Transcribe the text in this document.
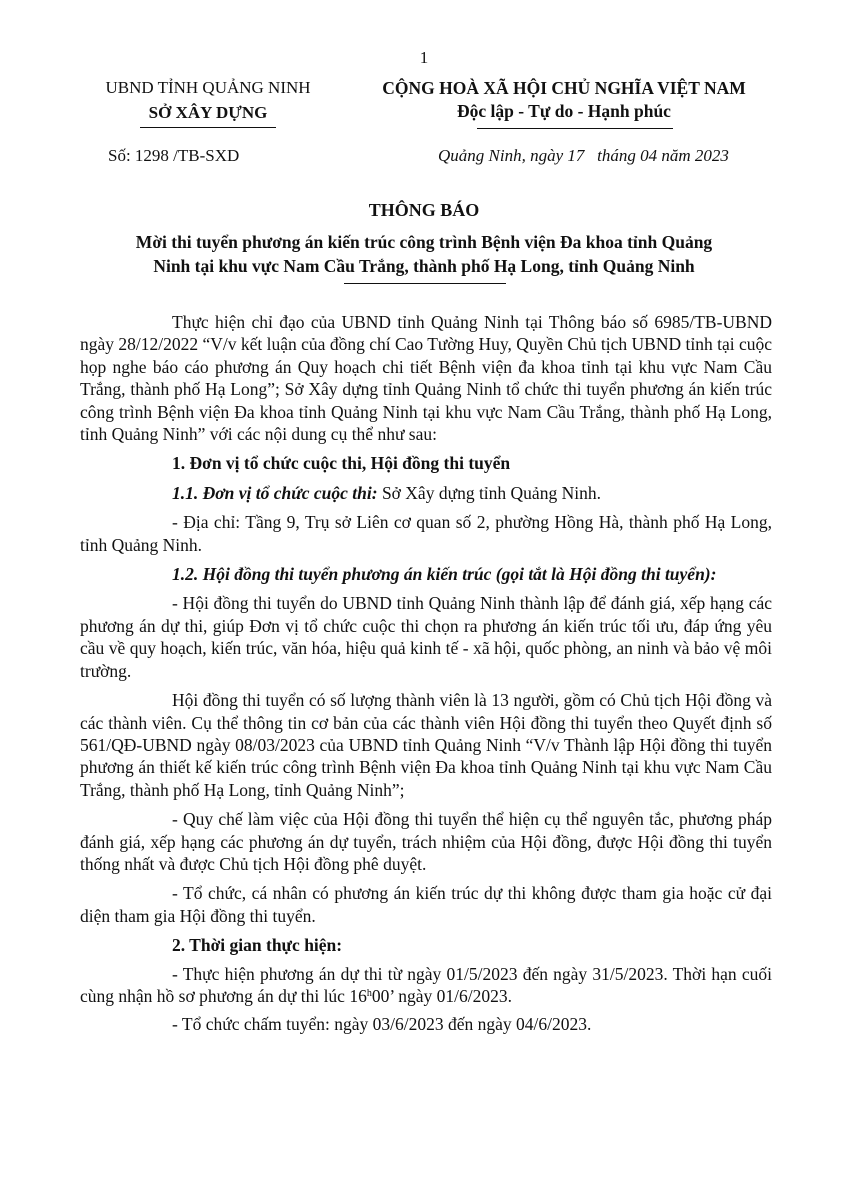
1
UBND TỈNH QUẢNG NINH
SỞ XÂY DỰNG
CỘNG HOÀ XÃ HỘI CHỦ NGHĨA VIỆT NAM
Độc lập - Tự do - Hạnh phúc
Số: 1298 /TB-SXD	Quảng Ninh, ngày 17   tháng 04 năm 2023
THÔNG BÁO
Mời thi tuyển phương án kiến trúc công trình Bệnh viện Đa khoa tỉnh Quảng
Ninh tại khu vực Nam Cầu Trắng, thành phố Hạ Long, tỉnh Quảng Ninh

Thực hiện chỉ đạo của UBND tỉnh Quảng Ninh tại Thông báo số 6985/TB-UBND ngày 28/12/2022 “V/v kết luận của đồng chí Cao Tường Huy, Quyền Chủ tịch UBND tỉnh tại cuộc họp nghe báo cáo phương án Quy hoạch chi tiết Bệnh viện đa khoa tỉnh tại khu vực Nam Cầu Trắng, thành phố Hạ Long”; Sở Xây dựng tỉnh Quảng Ninh tổ chức thi tuyển phương án kiến trúc công trình Bệnh viện Đa khoa tỉnh Quảng Ninh tại khu vực Nam Cầu Trắng, thành phố Hạ Long, tỉnh Quảng Ninh” với các nội dung cụ thể như sau:

1. Đơn vị tổ chức cuộc thi, Hội đồng thi tuyển

1.1. Đơn vị tổ chức cuộc thi: Sở Xây dựng tỉnh Quảng Ninh.

- Địa chỉ: Tầng 9, Trụ sở Liên cơ quan số 2, phường Hồng Hà, thành phố Hạ Long, tỉnh Quảng Ninh.

1.2. Hội đồng thi tuyển phương án kiến trúc (gọi tắt là Hội đồng thi tuyển):

- Hội đồng thi tuyển do UBND tỉnh Quảng Ninh thành lập để đánh giá, xếp hạng các phương án dự thi, giúp Đơn vị tổ chức cuộc thi chọn ra phương án kiến trúc tối ưu, đáp ứng yêu cầu về quy hoạch, kiến trúc, văn hóa, hiệu quả kinh tế - xã hội, quốc phòng, an ninh và bảo vệ môi trường.

Hội đồng thi tuyển có số lượng thành viên là 13 người, gồm có Chủ tịch Hội đồng và các thành viên. Cụ thể thông tin cơ bản của các thành viên Hội đồng thi tuyển theo Quyết định số 561/QĐ-UBND ngày 08/03/2023 của UBND tỉnh Quảng Ninh “V/v Thành lập Hội đồng thi tuyển phương án thiết kế kiến trúc công trình Bệnh viện Đa khoa tỉnh Quảng Ninh tại khu vực Nam Cầu Trắng, thành phố Hạ Long, tỉnh Quảng Ninh”;

- Quy chế làm việc của Hội đồng thi tuyển thể hiện cụ thể nguyên tắc, phương pháp đánh giá, xếp hạng các phương án dự tuyển, trách nhiệm của Hội đồng, được Hội đồng thi tuyển thống nhất và được Chủ tịch Hội đồng phê duyệt.

- Tổ chức, cá nhân có phương án kiến trúc dự thi không được tham gia hoặc cử đại diện tham gia Hội đồng thi tuyển.

2. Thời gian thực hiện:

- Thực hiện phương án dự thi từ ngày 01/5/2023 đến ngày 31/5/2023. Thời hạn cuối cùng nhận hồ sơ phương án dự thi lúc 16$^h$00’ ngày 01/6/2023.

- Tổ chức chấm tuyển: ngày 03/6/2023 đến ngày 04/6/2023.
